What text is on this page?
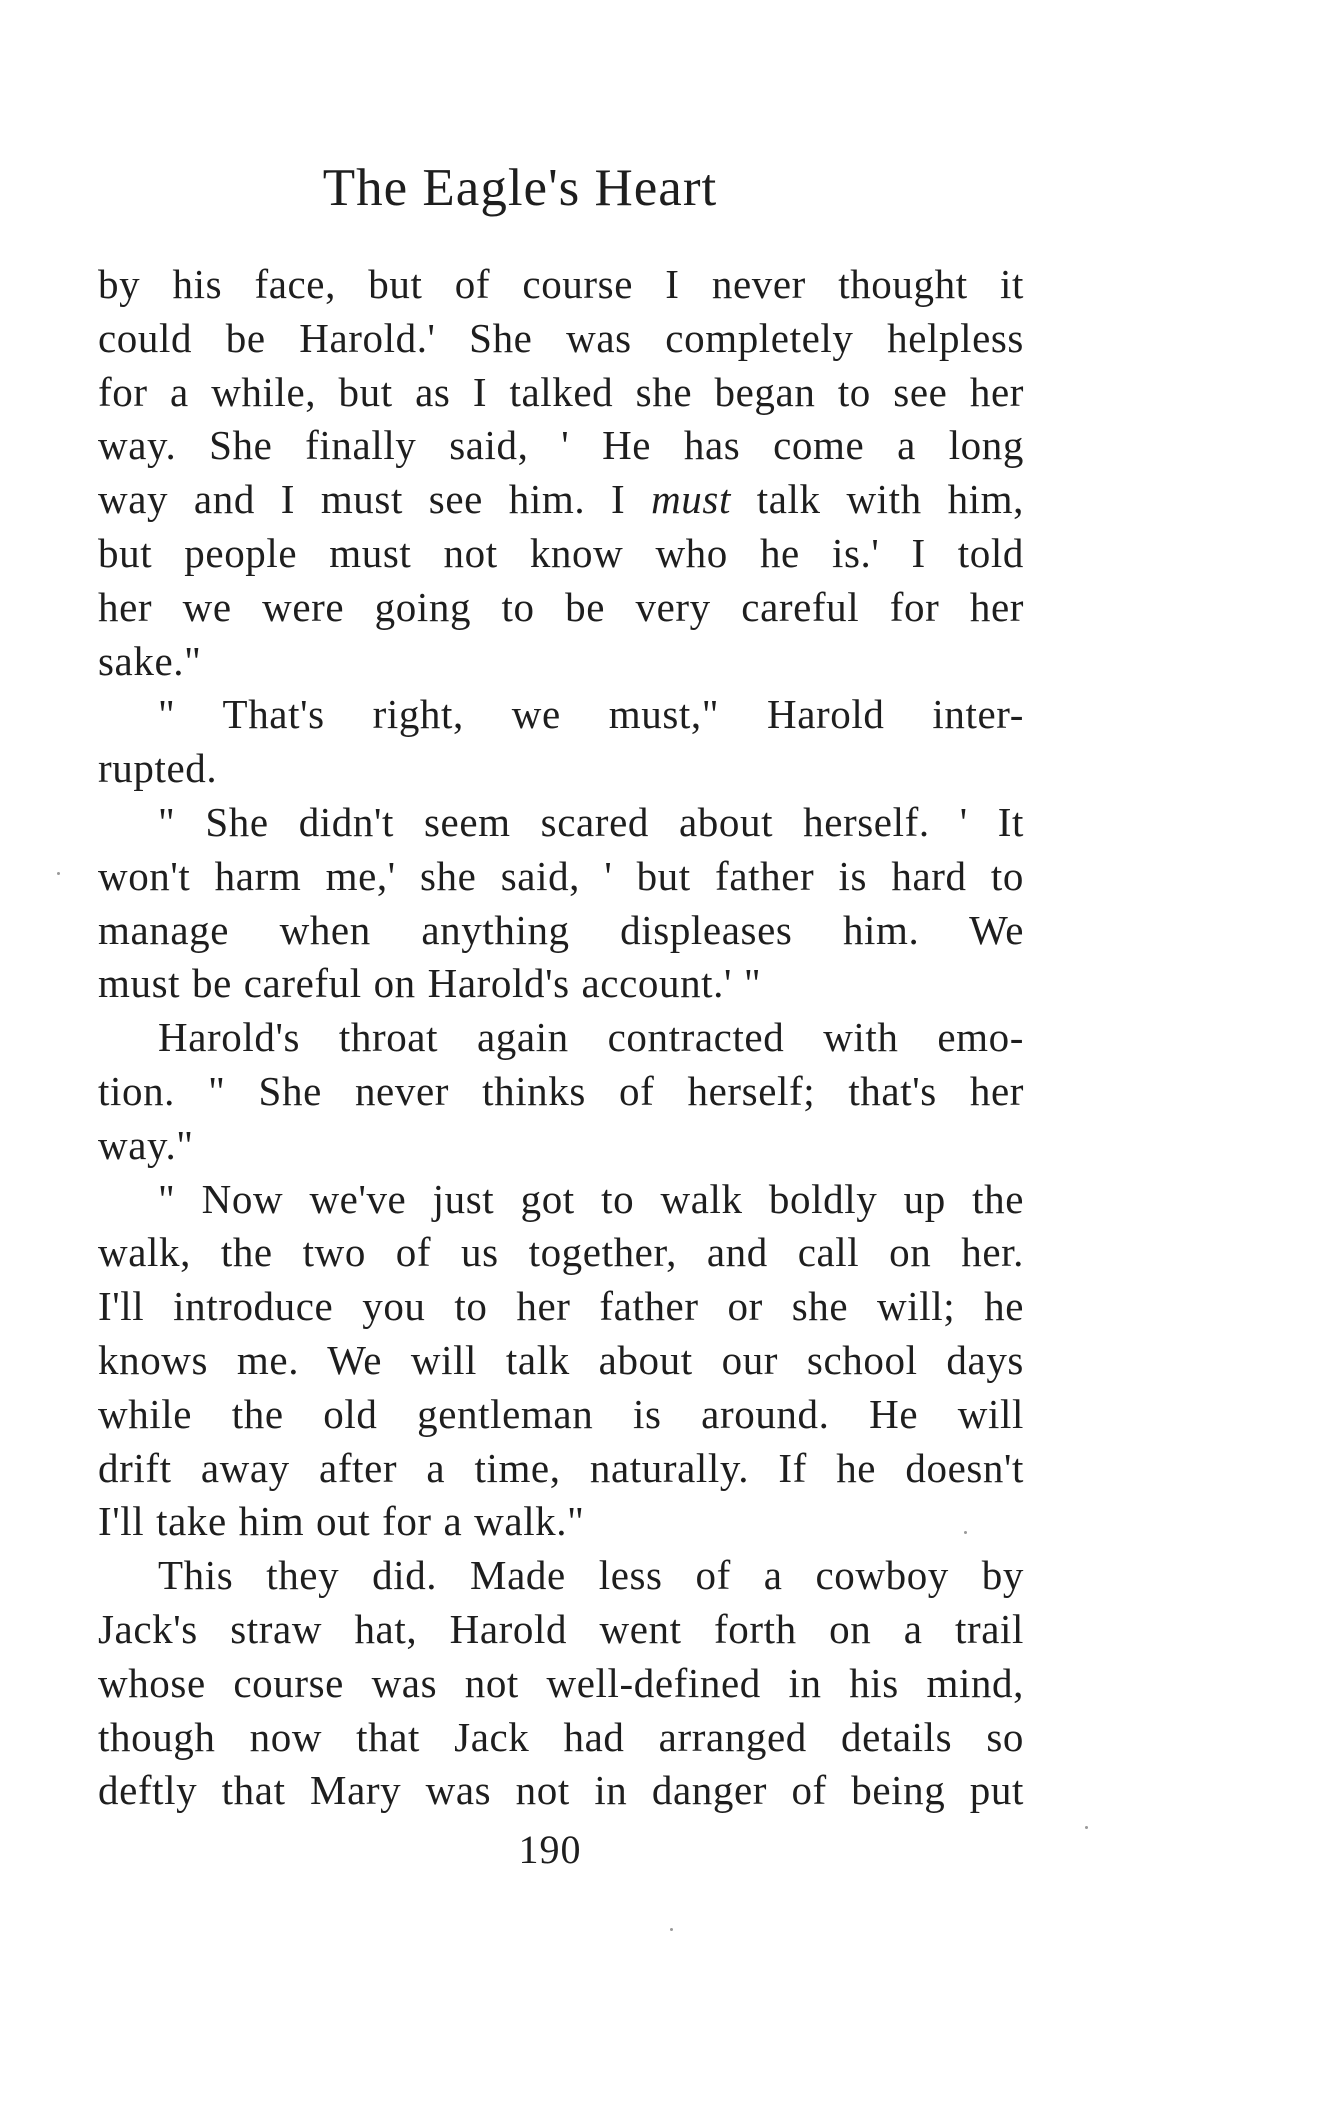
The Eagle's Heart

by his face, but of course I never thought it

could be Harold.' She was completely helpless

for a while, but as I talked she began to see her

way. She finally said, ' He has come a long

way and I must see him. I must talk with him,

but people must not know who he is.' I told

her we were going to be very careful for her

sake."

" That's right, we must," Harold inter-

rupted.

" She didn't seem scared about herself. ' It

won't harm me,' she said, ' but father is hard to

manage when anything displeases him. We

must be careful on Harold's account.' "

Harold's throat again contracted with emo-

tion. " She never thinks of herself; that's her

way."

" Now we've just got to walk boldly up the

walk, the two of us together, and call on her.

I'll introduce you to her father or she will; he

knows me. We will talk about our school days

while the old gentleman is around. He will

drift away after a time, naturally. If he doesn't

I'll take him out for a walk."

This they did. Made less of a cowboy by

Jack's straw hat, Harold went forth on a trail

whose course was not well-defined in his mind,

though now that Jack had arranged details so

deftly that Mary was not in danger of being put

190
